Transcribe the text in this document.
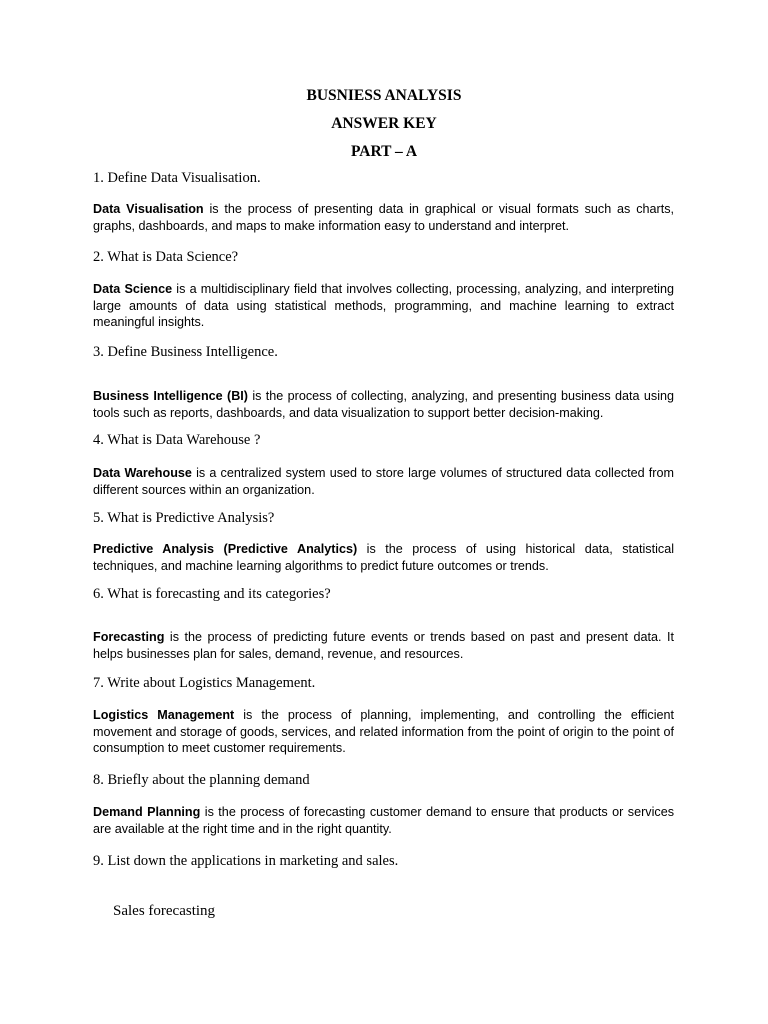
BUSNIESS ANALYSIS
ANSWER KEY
PART – A
1. Define Data Visualisation.
Data Visualisation is the process of presenting data in graphical or visual formats such as charts, graphs, dashboards, and maps to make information easy to understand and interpret.
2. What is Data Science?
Data Science is a multidisciplinary field that involves collecting, processing, analyzing, and interpreting large amounts of data using statistical methods, programming, and machine learning to extract meaningful insights.
3. Define Business Intelligence.
Business Intelligence (BI) is the process of collecting, analyzing, and presenting business data using tools such as reports, dashboards, and data visualization to support better decision-making.
4. What is Data Warehouse ?
Data Warehouse is a centralized system used to store large volumes of structured data collected from different sources within an organization.
5. What is Predictive Analysis?
Predictive Analysis (Predictive Analytics) is the process of using historical data, statistical techniques, and machine learning algorithms to predict future outcomes or trends.
6. What is forecasting and its categories?
Forecasting is the process of predicting future events or trends based on past and present data. It helps businesses plan for sales, demand, revenue, and resources.
7. Write about Logistics Management.
Logistics Management is the process of planning, implementing, and controlling the efficient movement and storage of goods, services, and related information from the point of origin to the point of consumption to meet customer requirements.
8. Briefly about the planning demand
Demand Planning is the process of forecasting customer demand to ensure that products or services are available at the right time and in the right quantity.
9. List down the applications in marketing and sales.
Sales forecasting
